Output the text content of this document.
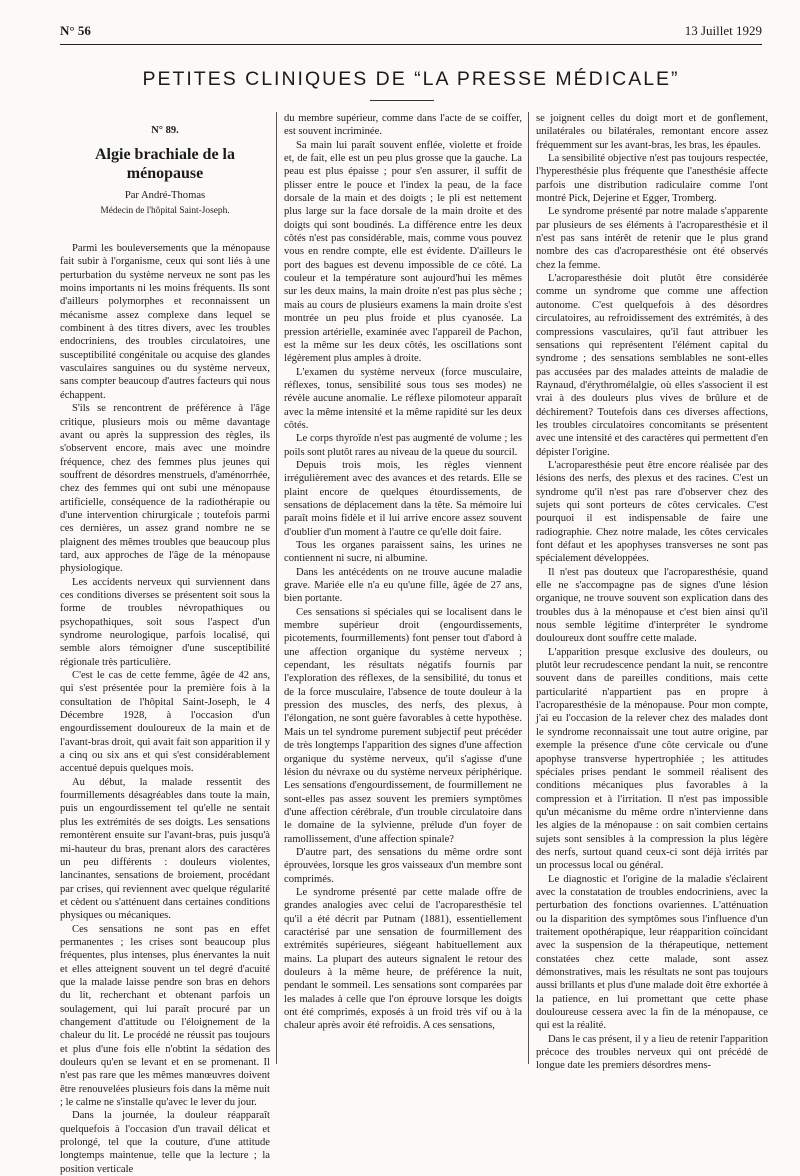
N° 56	13 Juillet 1929
PETITES CLINIQUES DE “LA PRESSE MÉDICALE”
N° 89.
Algie brachiale de la ménopause
Par André-Thomas
Médecin de l'hôpital Saint-Joseph.

Parmi les bouleversements que la ménopause fait subir à l'organisme, ceux qui sont liés à une perturbation du système nerveux ne sont pas les moins importants ni les moins fréquents. Ils sont d'ailleurs polymorphes et reconnaissent un mécanisme assez complexe dans lequel se combinent à des titres divers, avec les troubles endocriniens, des troubles circulatoires, une susceptibilité congénitale ou acquise des glandes vasculaires sanguines ou du système nerveux, sans compter beaucoup d'autres facteurs qui nous échappent.

S'ils se rencontrent de préférence à l'âge critique, plusieurs mois ou même davantage avant ou après la suppression des règles, ils s'observent encore, mais avec une moindre fréquence, chez des femmes plus jeunes qui souffrent de désordres menstruels, d'aménorrhée, chez des femmes qui ont subi une ménopause artificielle, conséquence de la radiothérapie ou d'une intervention chirurgicale ; toutefois parmi ces dernières, un assez grand nombre ne se plaignent des mêmes troubles que beaucoup plus tard, aux approches de l'âge de la ménopause physiologique.

Les accidents nerveux qui surviennent dans ces conditions diverses se présentent soit sous la forme de troubles névropathiques ou psychopathiques, soit sous l'aspect d'un syndrome neurologique, parfois localisé, qui semble alors témoigner d'une susceptibilité régionale très particulière.

C'est le cas de cette femme, âgée de 42 ans, qui s'est présentée pour la première fois à la consultation de l'hôpital Saint-Joseph, le 4 Décembre 1928, à l'occasion d'un engourdissement douloureux de la main et de l'avant-bras droit, qui avait fait son apparition il y a cinq ou six ans et qui s'est considérablement accentué depuis quelques mois.

Au début, la malade ressentit des fourmillements désagréables dans toute la main, puis un engourdissement tel qu'elle ne sentait plus les extrémités de ses doigts. Les sensations remontèrent ensuite sur l'avant-bras, puis jusqu'à mi-hauteur du bras, prenant alors des caractères un peu différents : douleurs violentes, lancinantes, sensations de broiement, procédant par crises, qui reviennent avec quelque régularité et cèdent ou s'atténuent dans certaines conditions physiques ou mécaniques.

Ces sensations ne sont pas en effet permanentes ; les crises sont beaucoup plus fréquentes, plus intenses, plus énervantes la nuit et elles atteignent souvent un tel degré d'acuité que la malade laisse pendre son bras en dehors du lit, recherchant et obtenant parfois un soulagement, qui lui paraît procuré par un changement d'attitude ou l'éloignement de la chaleur du lit. Le procédé ne réussit pas toujours et plus d'une fois elle n'obtint la sédation des douleurs qu'en se levant et en se promenant. Il n'est pas rare que les mêmes manœuvres doivent être renouvelées plusieurs fois dans la même nuit ; le calme ne s'installe qu'avec le lever du jour.

Dans la journée, la douleur réapparaît quelquefois à l'occasion d'un travail délicat et prolongé, tel que la couture, d'une attitude longtemps maintenue, telle que la lecture ; la position verticale

du membre supérieur, comme dans l'acte de se coiffer, est souvent incriminée.

Sa main lui paraît souvent enflée, violette et froide et, de fait, elle est un peu plus grosse que la gauche. La peau est plus épaisse ; pour s'en assurer, il suffit de plisser entre le pouce et l'index la peau, de la face dorsale de la main et des doigts ; le pli est nettement plus large sur la face dorsale de la main droite et des doigts qui sont boudinés. La différence entre les deux côtés n'est pas considérable, mais, comme vous pouvez vous en rendre compte, elle est évidente. D'ailleurs le port des bagues est devenu impossible de ce côté. La couleur et la température sont aujourd'hui les mêmes sur les deux mains, la main droite n'est pas plus sèche ; mais au cours de plusieurs examens la main droite s'est montrée un peu plus froide et plus cyanosée. La pression artérielle, examinée avec l'appareil de Pachon, est la même sur les deux côtés, les oscillations sont légèrement plus amples à droite.

L'examen du système nerveux (force musculaire, réflexes, tonus, sensibilité sous tous ses modes) ne révèle aucune anomalie. Le réflexe pilomoteur apparaît avec la même intensité et la même rapidité sur les deux côtés.

Le corps thyroïde n'est pas augmenté de volume ; les poils sont plutôt rares au niveau de la queue du sourcil.

Depuis trois mois, les règles viennent irrégulièrement avec des avances et des retards. Elle se plaint encore de quelques étourdissements, de sensations de déplacement dans la tête. Sa mémoire lui paraît moins fidèle et il lui arrive encore assez souvent d'oublier d'un moment à l'autre ce qu'elle doit faire.

Tous les organes paraissent sains, les urines ne contiennent ni sucre, ni albumine.

Dans les antécédents on ne trouve aucune maladie grave. Mariée elle n'a eu qu'une fille, âgée de 27 ans, bien portante.

Ces sensations si spéciales qui se localisent dans le membre supérieur droit (engourdissements, picotements, fourmillements) font penser tout d'abord à une affection organique du système nerveux ; cependant, les résultats négatifs fournis par l'exploration des réflexes, de la sensibilité, du tonus et de la force musculaire, l'absence de toute douleur à la pression des muscles, des nerfs, des plexus, à l'élongation, ne sont guère favorables à cette hypothèse. Mais un tel syndrome purement subjectif peut précéder de très longtemps l'apparition des signes d'une affection organique du système nerveux, qu'il s'agisse d'une lésion du névraxe ou du système nerveux périphérique. Les sensations d'engourdissement, de fourmillement ne sont-elles pas assez souvent les premiers symptômes d'une affection cérébrale, d'un trouble circulatoire dans le domaine de la sylvienne, prélude d'un foyer de ramollissement, d'une affection spinale?

D'autre part, des sensations du même ordre sont éprouvées, lorsque les gros vaisseaux d'un membre sont comprimés.

Le syndrome présenté par cette malade offre de grandes analogies avec celui de l'acroparesthésie tel qu'il a été décrit par Putnam (1881), essentiellement caractérisé par une sensation de fourmillement des extrémités supérieures, siégeant habituellement aux mains. La plupart des auteurs signalent le retour des douleurs à la même heure, de préférence la nuit, pendant le sommeil. Les sensations sont comparées par les malades à celle que l'on éprouve lorsque les doigts ont été comprimés, exposés à un froid très vif ou à la chaleur après avoir été refroidis. A ces sensations,

se joignent celles du doigt mort et de gonflement, unilatérales ou bilatérales, remontant encore assez fréquemment sur les avant-bras, les bras, les épaules.

La sensibilité objective n'est pas toujours respectée, l'hyperesthésie plus fréquente que l'anesthésie affecte parfois une distribution radiculaire comme l'ont montré Pick, Dejerine et Egger, Tromberg.

Le syndrome présenté par notre malade s'apparente par plusieurs de ses éléments à l'acroparesthésie et il n'est pas sans intérêt de retenir que le plus grand nombre des cas d'acroparesthésie ont été observés chez la femme.

L'acroparesthésie doit plutôt être considérée comme un syndrome que comme une affection autonome. C'est quelquefois à des désordres circulatoires, au refroidissement des extrémités, à des compressions vasculaires, qu'il faut attribuer les sensations qui représentent l'élément capital du syndrome ; des sensations semblables ne sont-elles pas accusées par des malades atteints de maladie de Raynaud, d'érythromélalgie, où elles s'associent il est vrai à des douleurs plus vives de brûlure et de déchirement? Toutefois dans ces diverses affections, les troubles circulatoires concomitants se présentent avec une intensité et des caractères qui permettent d'en dépister l'origine.

L'acroparesthésie peut être encore réalisée par des lésions des nerfs, des plexus et des racines. C'est un syndrome qu'il n'est pas rare d'observer chez des sujets qui sont porteurs de côtes cervicales. C'est pourquoi il est indispensable de faire une radiographie. Chez notre malade, les côtes cervicales font défaut et les apophyses transverses ne sont pas spécialement développées.

Il n'est pas douteux que l'acroparesthésie, quand elle ne s'accompagne pas de signes d'une lésion organique, ne trouve souvent son explication dans des troubles dus à la ménopause et c'est bien ainsi qu'il nous semble légitime d'interpréter le syndrome douloureux dont souffre cette malade.

L'apparition presque exclusive des douleurs, ou plutôt leur recrudescence pendant la nuit, se rencontre souvent dans de pareilles conditions, mais cette particularité n'appartient pas en propre à l'acroparesthésie de la ménopause. Pour mon compte, j'ai eu l'occasion de la relever chez des malades dont le syndrome reconnaissait une tout autre origine, par exemple la présence d'une côte cervicale ou d'une apophyse transverse hypertrophiée ; les attitudes spéciales prises pendant le sommeil réalisent des conditions mécaniques plus favorables à la compression et à l'irritation. Il n'est pas impossible qu'un mécanisme du même ordre n'intervienne dans les algies de la ménopause : on sait combien certains sujets sont sensibles à la compression la plus légère des nerfs, surtout quand ceux-ci sont déjà irrités par un processus local ou général.

Le diagnostic et l'origine de la maladie s'éclairent avec la constatation de troubles endocriniens, avec la perturbation des fonctions ovariennes. L'atténuation ou la disparition des symptômes sous l'influence d'un traitement opothérapique, leur réapparition coïncidant avec la suspension de la thérapeutique, nettement constatées chez cette malade, sont assez démonstratives, mais les résultats ne sont pas toujours aussi brillants et plus d'une malade doit être exhortée à la patience, en lui promettant que cette phase douloureuse cessera avec la fin de la ménopause, ce qui est la réalité.

Dans le cas présent, il y a lieu de retenir l'apparition précoce des troubles nerveux qui ont précédé de longue date les premiers désordres mens-
